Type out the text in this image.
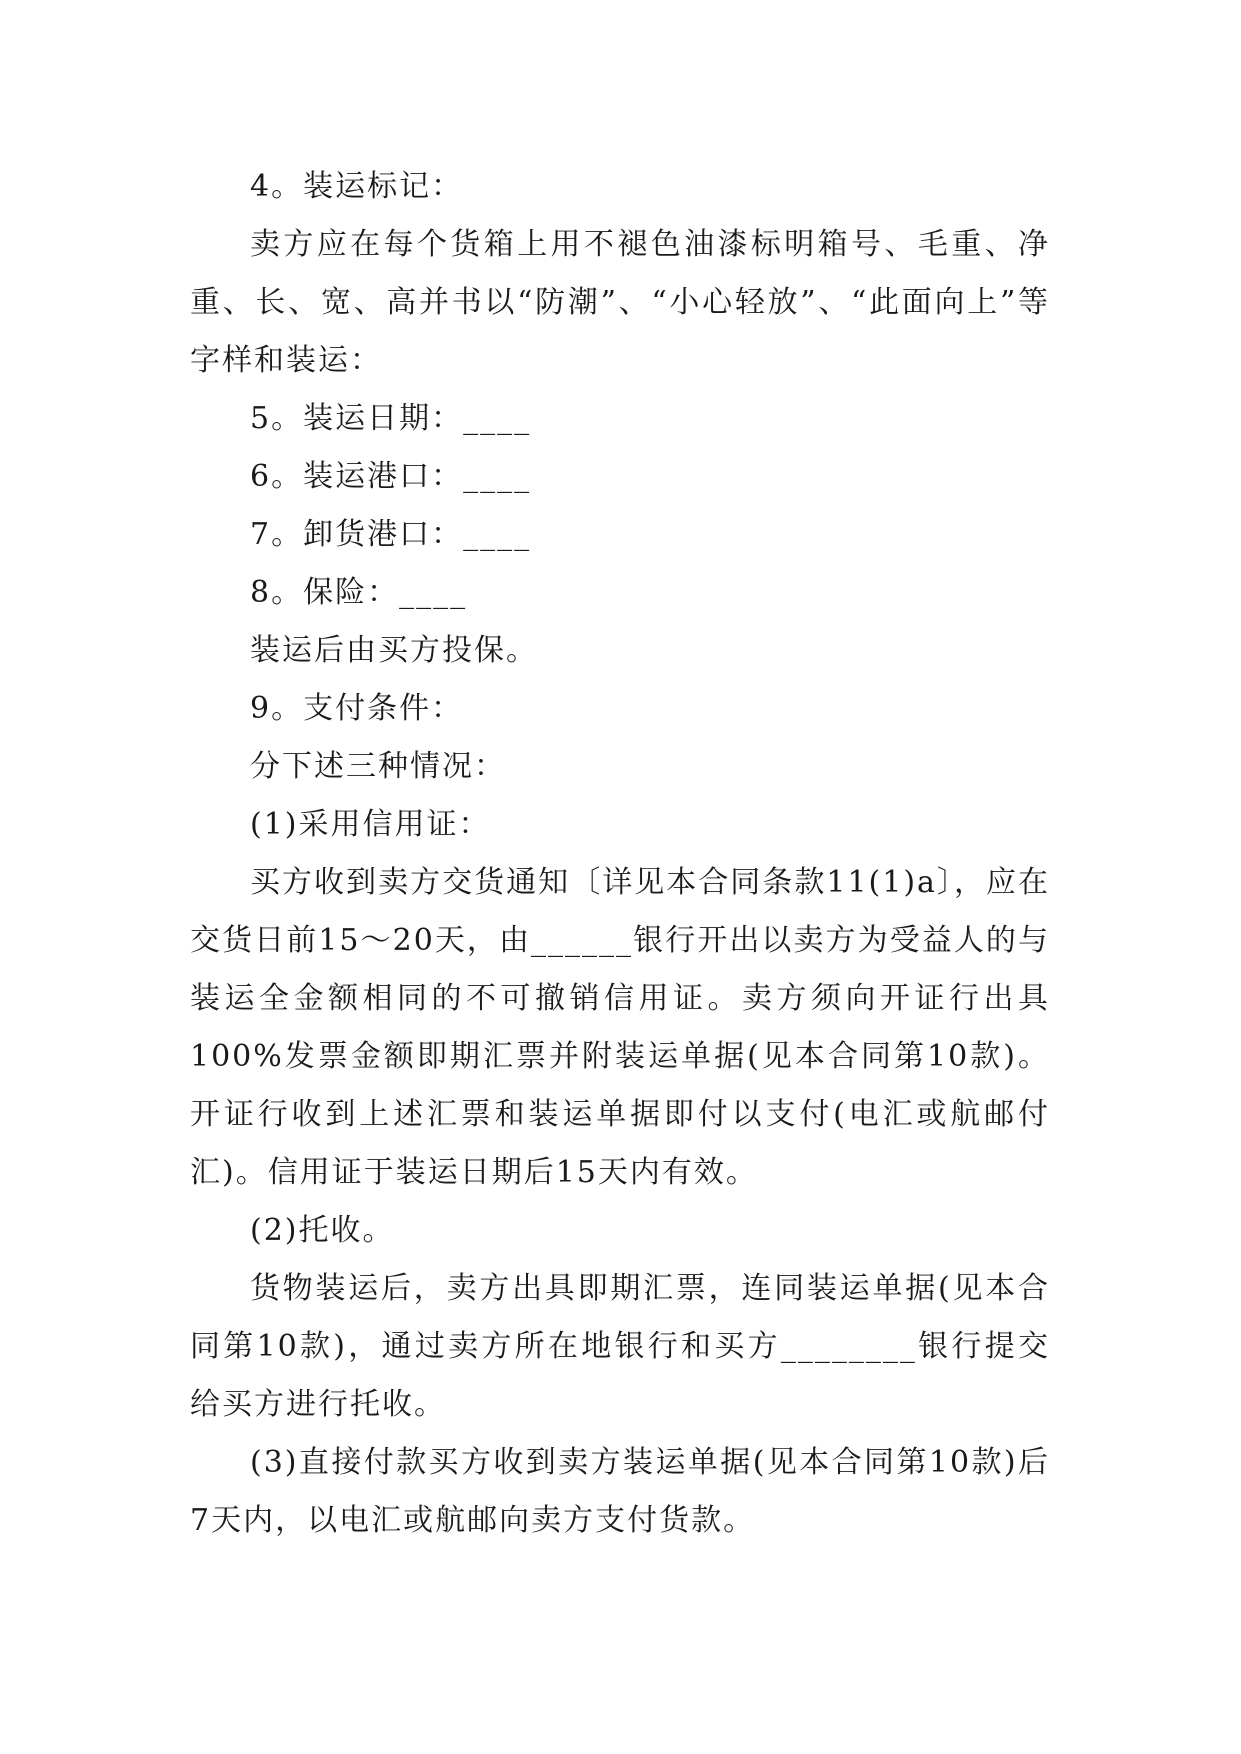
4。装运标记：

卖方应在每个货箱上用不褪色油漆标明箱号、毛重、净重、长、宽、高并书以“防潮”、“小心轻放”、“此面向上”等字样和装运：

5。装运日期：____

6。装运港口：____

7。卸货港口：____

8。保险：____

装运后由买方投保。

9。支付条件：

分下述三种情况：

(1)采用信用证：

买方收到卖方交货通知〔详见本合同条款11(1)a〕，应在交货日前15～20天，由______银行开出以卖方为受益人的与装运全金额相同的不可撤销信用证。卖方须向开证行出具100%发票金额即期汇票并附装运单据(见本合同第10款)。开证行收到上述汇票和装运单据即付以支付(电汇或航邮付汇)。信用证于装运日期后15天内有效。

(2)托收。

货物装运后，卖方出具即期汇票，连同装运单据(见本合同第10款)，通过卖方所在地银行和买方________银行提交给买方进行托收。

(3)直接付款买方收到卖方装运单据(见本合同第10款)后7天内，以电汇或航邮向卖方支付货款。
